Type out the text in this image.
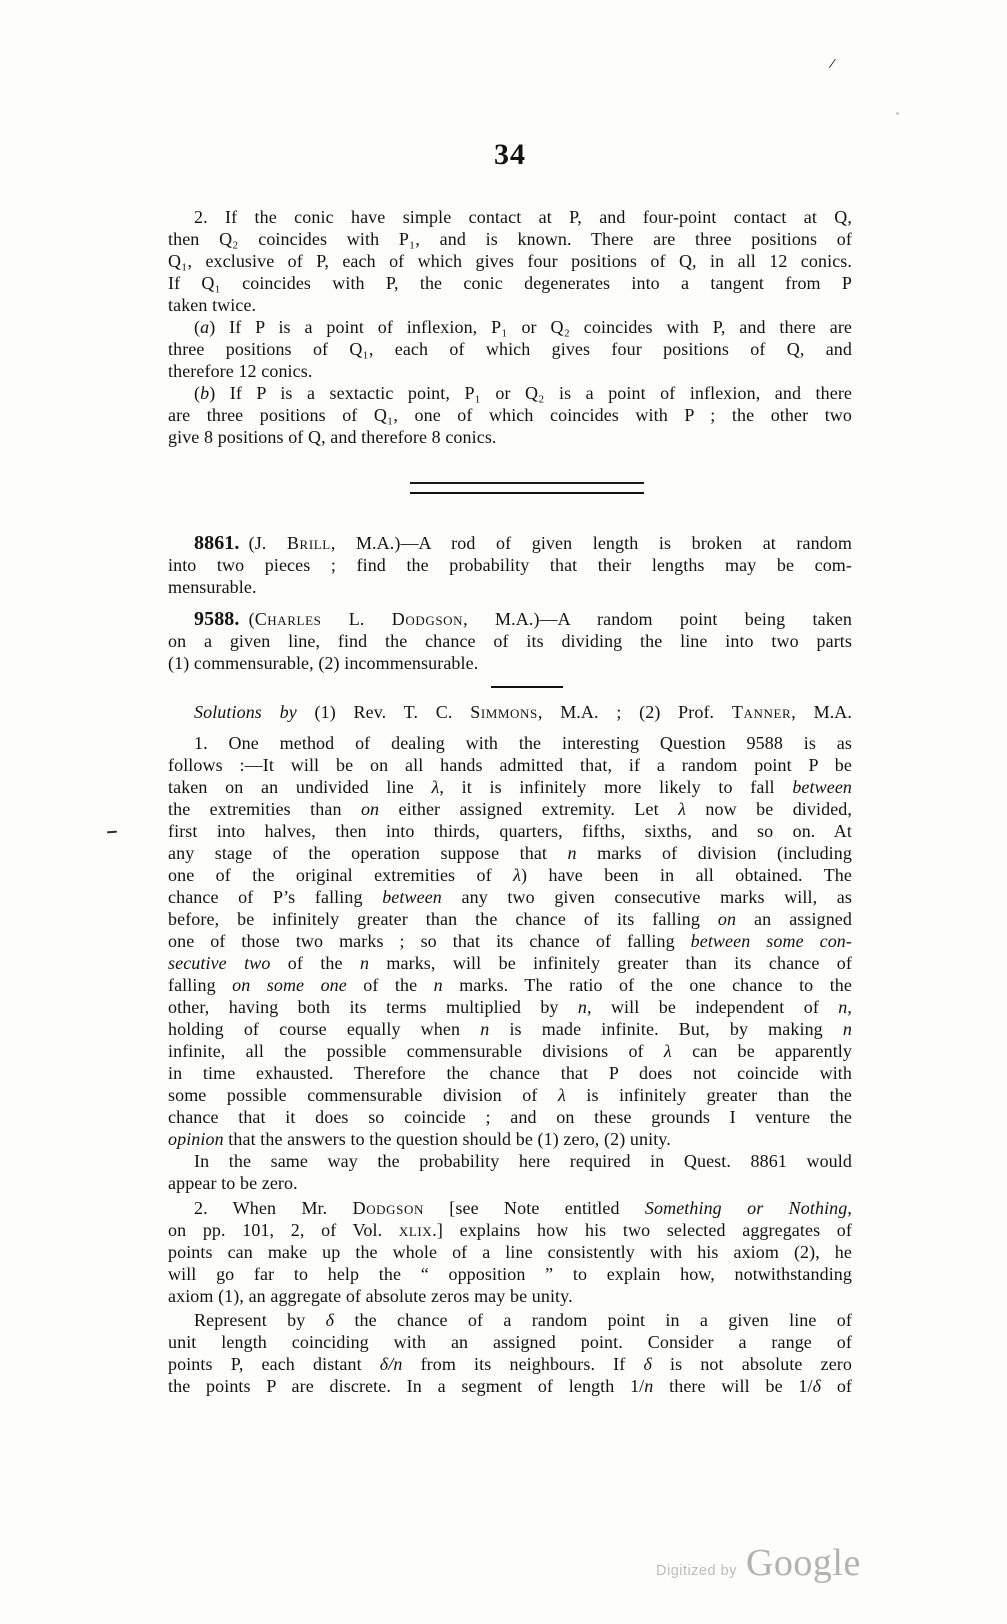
34
2. If the conic have simple contact at P, and four-point contact at Q,
then Q₂ coincides with P₁, and is known. There are three positions of
Q₁, exclusive of P, each of which gives four positions of Q, in all 12 conics.
If Q₁ coincides with P, the conic degenerates into a tangent from P
taken twice.
(a) If P is a point of inflexion, P₁ or Q₂ coincides with P, and there are
three positions of Q₁, each of which gives four positions of Q, and
therefore 12 conics.
(b) If P is a sextactic point, P₁ or Q₂ is a point of inflexion, and there
are three positions of Q₁, one of which coincides with P ; the other two
give 8 positions of Q, and therefore 8 conics.
8861. (J. Brill, M.A.)—A rod of given length is broken at random
into two pieces ; find the probability that their lengths may be com-
mensurable.
9588. (Charles L. Dodgson, M.A.)—A random point being taken
on a given line, find the chance of its dividing the line into two parts
(1) commensurable, (2) incommensurable.
Solutions by (1) Rev. T. C. Simmons, M.A. ; (2) Prof. Tanner, M.A.
1. One method of dealing with the interesting Question 9588 is as
follows :—It will be on all hands admitted that, if a random point P be
taken on an undivided line λ, it is infinitely more likely to fall between
the extremities than on either assigned extremity. Let λ now be divided,
first into halves, then into thirds, quarters, fifths, sixths, and so on. At
any stage of the operation suppose that n marks of division (including
one of the original extremities of λ) have been in all obtained. The
chance of P’s falling between any two given consecutive marks will, as
before, be infinitely greater than the chance of its falling on an assigned
one of those two marks ; so that its chance of falling between some con-
secutive two of the n marks, will be infinitely greater than its chance of
falling on some one of the n marks. The ratio of the one chance to the
other, having both its terms multiplied by n, will be independent of n,
holding of course equally when n is made infinite. But, by making n
infinite, all the possible commensurable divisions of λ can be apparently
in time exhausted. Therefore the chance that P does not coincide with
some possible commensurable division of λ is infinitely greater than the
chance that it does so coincide ; and on these grounds I venture the
opinion that the answers to the question should be (1) zero, (2) unity.
In the same way the probability here required in Quest. 8861 would
appear to be zero.
2. When Mr. Dodgson [see Note entitled Something or Nothing,
on pp. 101, 2, of Vol. xlix.] explains how his two selected aggregates of
points can make up the whole of a line consistently with his axiom (2), he
will go far to help the “ opposition ” to explain how, notwithstanding
axiom (1), an aggregate of absolute zeros may be unity.
Represent by δ the chance of a random point in a given line of
unit length coinciding with an assigned point. Consider a range of
points P, each distant δ/n from its neighbours. If δ is not absolute zero
the points P are discrete. In a segment of length 1/n there will be 1/δ of
/
Digitized by Google
